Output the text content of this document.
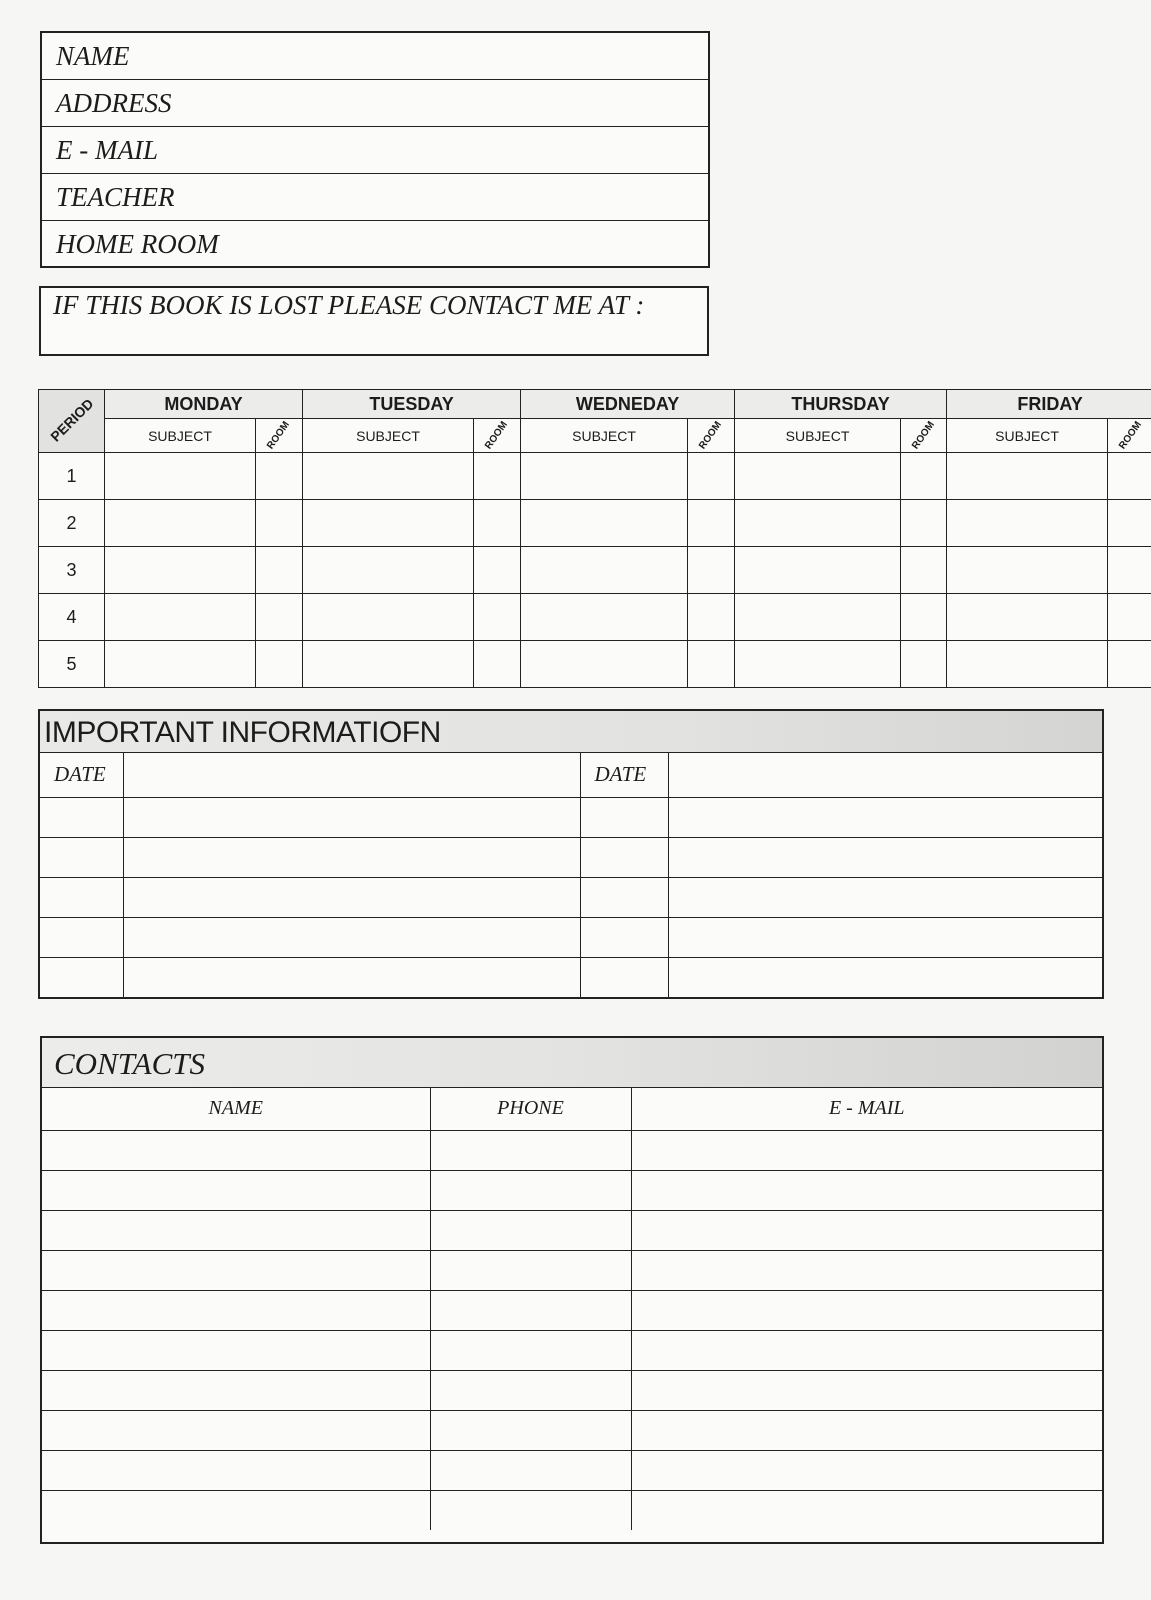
NAME
ADDRESS
E - MAIL
TEACHER
HOME ROOM
IF THIS BOOK IS LOST PLEASE CONTACT ME AT :
PERIOD	MONDAY		TUESDAY		WEDNEDAY		THURSDAY		FRIDAY	
	SUBJECT	ROOM	SUBJECT	ROOM	SUBJECT	ROOM	SUBJECT	ROOM	SUBJECT	ROOM
1										
2										
3										
4										
5										
IMPORTANT INFORMATIOFN
DATE		DATE	

CONTACTS
NAME	PHONE	E - MAIL
